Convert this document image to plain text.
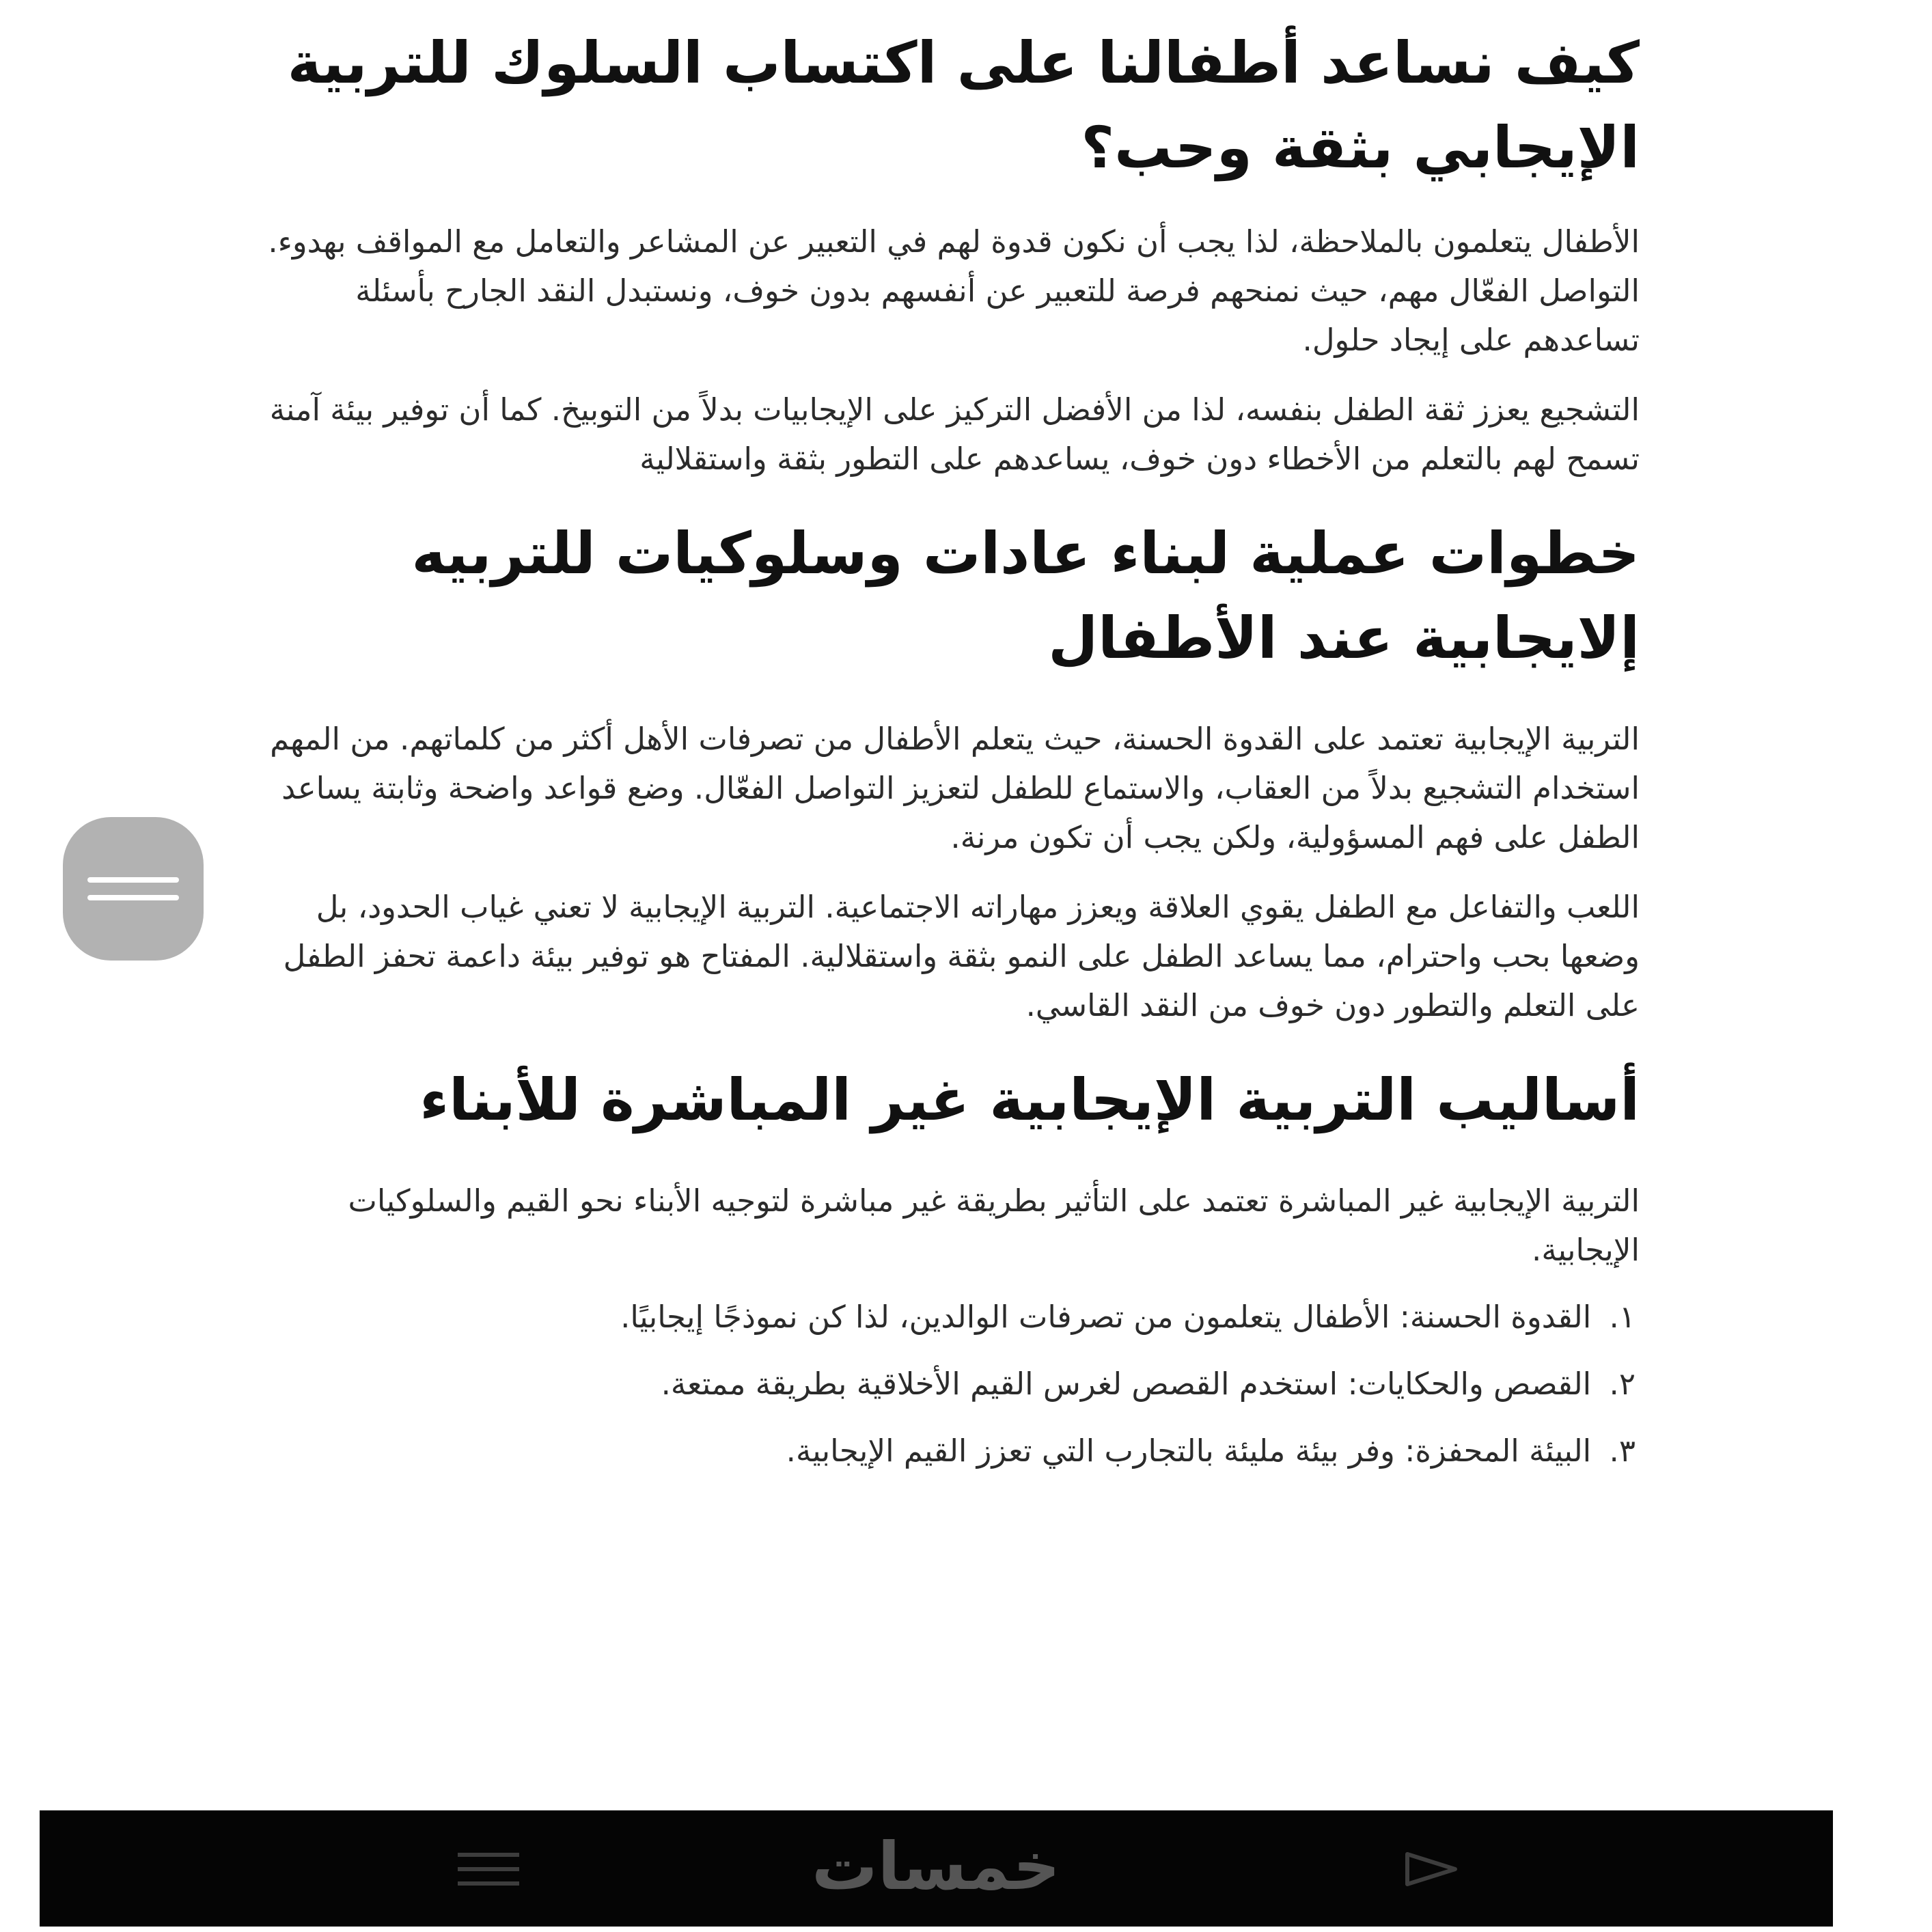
كيف نساعد أطفالنا على اكتساب السلوك للتربية الإيجابي بثقة وحب؟

الأطفال يتعلمون بالملاحظة، لذا يجب أن نكون قدوة لهم في التعبير عن المشاعر والتعامل مع المواقف بهدوء. التواصل الفعّال مهم، حيث نمنحهم فرصة للتعبير عن أنفسهم بدون خوف، ونستبدل النقد الجارح بأسئلة تساعدهم على إيجاد حلول.

التشجيع يعزز ثقة الطفل بنفسه، لذا من الأفضل التركيز على الإيجابيات بدلاً من التوبيخ. كما أن توفير بيئة آمنة تسمح لهم بالتعلم من الأخطاء دون خوف، يساعدهم على التطور بثقة واستقلالية

خطوات عملية لبناء عادات وسلوكيات للتربيه إلايجابية عند الأطفال

التربية الإيجابية تعتمد على القدوة الحسنة، حيث يتعلم الأطفال من تصرفات الأهل أكثر من كلماتهم. من المهم استخدام التشجيع بدلاً من العقاب، والاستماع للطفل لتعزيز التواصل الفعّال. وضع قواعد واضحة وثابتة يساعد الطفل على فهم المسؤولية، ولكن يجب أن تكون مرنة.

اللعب والتفاعل مع الطفل يقوي العلاقة ويعزز مهاراته الاجتماعية. التربية الإيجابية لا تعني غياب الحدود، بل وضعها بحب واحترام، مما يساعد الطفل على النمو بثقة واستقلالية. المفتاح هو توفير بيئة داعمة تحفز الطفل على التعلم والتطور دون خوف من النقد القاسي.

أساليب التربية الإيجابية غير المباشرة للأبناء

التربية الإيجابية غير المباشرة تعتمد على التأثير بطريقة غير مباشرة لتوجيه الأبناء نحو القيم والسلوكيات الإيجابية.

١. القدوة الحسنة: الأطفال يتعلمون من تصرفات الوالدين، لذا كن نموذجًا إيجابيًا.
٢. القصص والحكايات: استخدم القصص لغرس القيم الأخلاقية بطريقة ممتعة.
٣. البيئة المحفزة: وفر بيئة مليئة بالتجارب التي تعزز القيم الإيجابية.
خمسات
